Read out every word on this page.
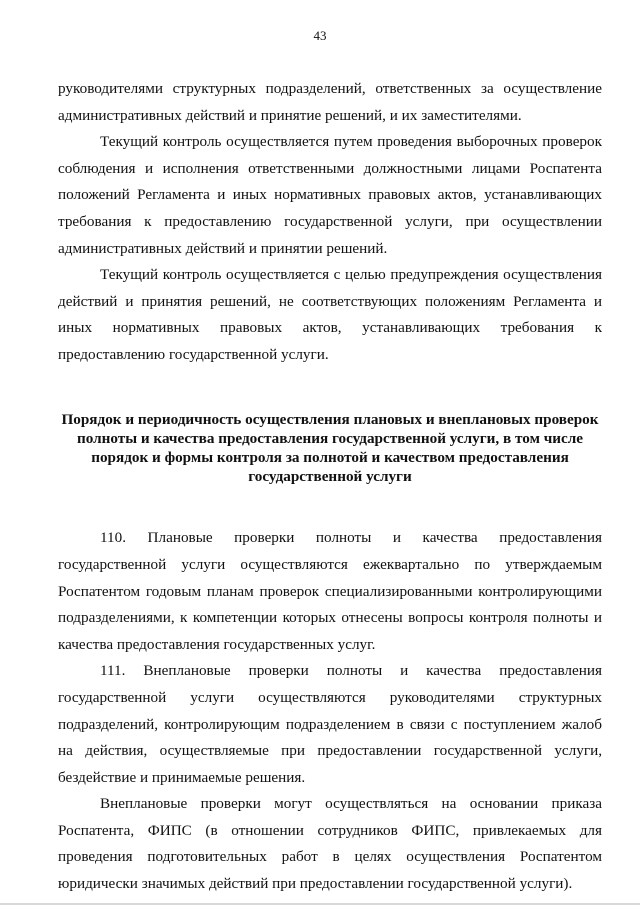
43

руководителями структурных подразделений, ответственных за осуществление административных действий и принятие решений, и их заместителями.

Текущий контроль осуществляется путем проведения выборочных проверок соблюдения и исполнения ответственными должностными лицами Роспатента положений Регламента и иных нормативных правовых актов, устанавливающих требования к предоставлению государственной услуги, при осуществлении административных действий и принятии решений.

Текущий контроль осуществляется с целью предупреждения осуществления действий и принятия решений, не соответствующих положениям Регламента и иных нормативных правовых актов, устанавливающих требования к предоставлению государственной услуги.

Порядок и периодичность осуществления плановых и внеплановых проверок
полноты и качества предоставления государственной услуги, в том числе
порядок и формы контроля за полнотой и качеством предоставления
государственной услуги

110. Плановые проверки полноты и качества предоставления государственной услуги осуществляются ежеквартально по утверждаемым Роспатентом годовым планам проверок специализированными контролирующими подразделениями, к компетенции которых отнесены вопросы контроля полноты и качества предоставления государственных услуг.

111. Внеплановые проверки полноты и качества предоставления государственной услуги осуществляются руководителями структурных подразделений, контролирующим подразделением в связи с поступлением жалоб на действия, осуществляемые при предоставлении государственной услуги, бездействие и принимаемые решения.

Внеплановые проверки могут осуществляться на основании приказа Роспатента, ФИПС (в отношении сотрудников ФИПС, привлекаемых для проведения подготовительных работ в целях осуществления Роспатентом юридически значимых действий при предоставлении государственной услуги).
